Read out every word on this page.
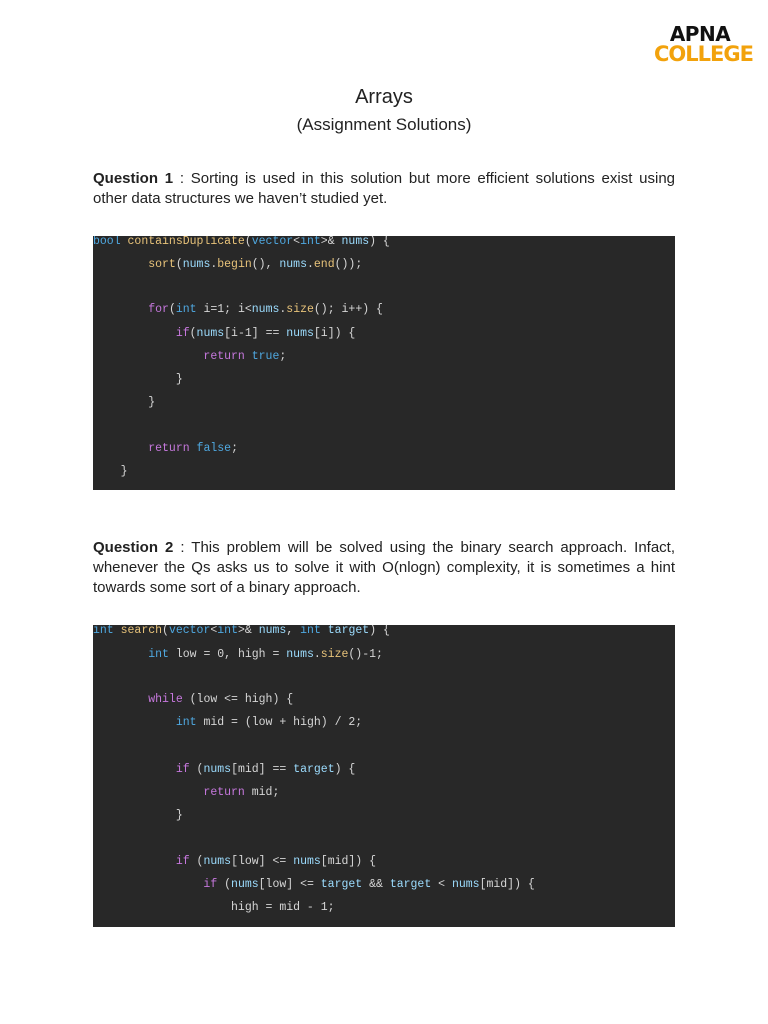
APNA
COLLEGE
Arrays
(Assignment Solutions)

Question 1 : Sorting is used in this solution but more efficient solutions exist using other data structures we haven’t studied yet.

bool containsDuplicate(vector<int>& nums) {
sort(nums.begin(), nums.end());
for(int i=1; i<nums.size(); i++) {
if(nums[i-1] == nums[i]) {
return true;
}
}
return false;
}

Question 2 : This problem will be solved using the binary search approach. Infact, whenever the Qs asks us to solve it with O(nlogn) complexity, it is sometimes a hint towards some sort of a binary approach.

int search(vector<int>& nums, int target) {
int low = 0, high = nums.size()-1;
while (low <= high) {
int mid = (low + high) / 2;
if (nums[mid] == target) {
return mid;
}
if (nums[low] <= nums[mid]) {
if (nums[low] <= target && target < nums[mid]) {
high = mid - 1;
